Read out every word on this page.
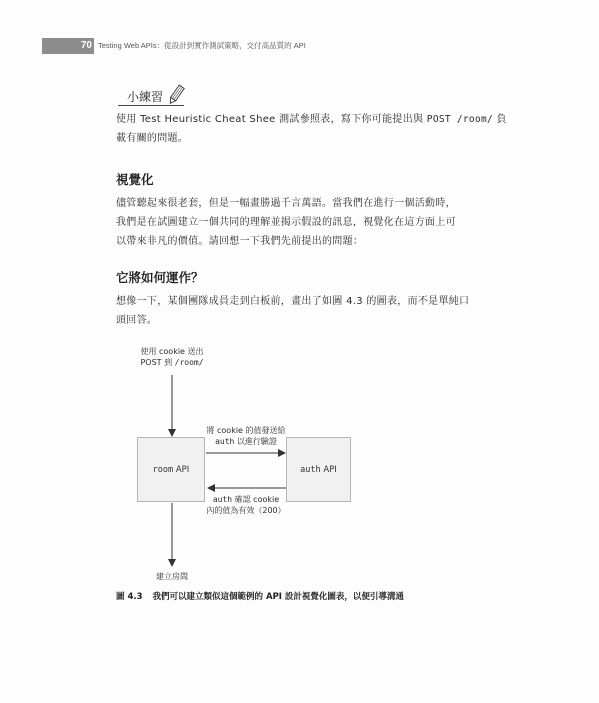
70 Testing Web APIs：從設計到實作測試策略，交付高品質的 API
小練習
使用 Test Heuristic Cheat Shee 測試參照表，寫下你可能提出與 POST /room/ 負
載有關的問題。
視覺化
儘管聽起來很老套，但是一幅畫勝過千言萬語。當我們在進行一個活動時，
我們是在試圖建立一個共同的理解並揭示假設的訊息，視覺化在這方面上可
以帶來非凡的價值。請回想一下我們先前提出的問題：
它將如何運作？
想像一下，某個團隊成員走到白板前，畫出了如圖 4.3 的圖表，而不是單純口
頭回答。
使用 cookie 送出
POST 到 /room/
room
API	auth
API
將 cookie 的值發送給
auth 以進行驗證
auth 確認 cookie
內的值為有效（200）
建立房間
圖 4.3 我們可以建立類似這個範例的 API 設計視覺化圖表，以便引導溝通
